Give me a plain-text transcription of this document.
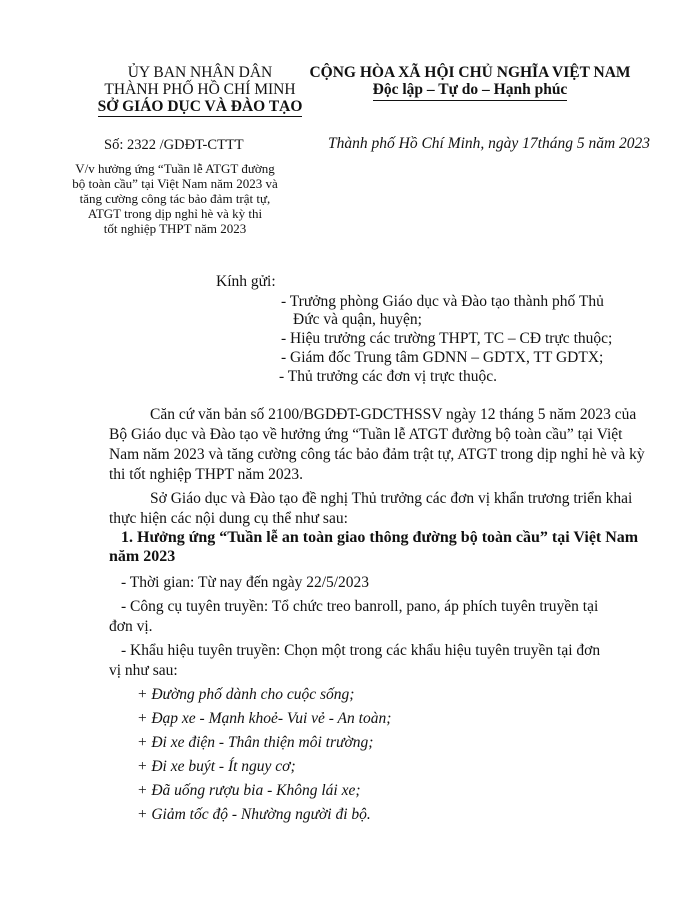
ỦY BAN NHÂN DÂN
THÀNH PHỐ HỒ CHÍ MINH
SỞ GIÁO DỤC VÀ ĐÀO TẠO
CỘNG HÒA XÃ HỘI CHỦ NGHĨA VIỆT NAM
Độc lập – Tự do – Hạnh phúc
Số: 2322 /GDĐT-CTTT	Thành phố Hồ Chí Minh, ngày 17tháng 5 năm 2023
V/v hưởng ứng “Tuần lễ ATGT đường
bộ toàn cầu” tại Việt Nam năm 2023 và
tăng cường công tác bảo đảm trật tự,
ATGT trong dịp nghỉ hè và kỳ thi
tốt nghiệp THPT năm 2023
Kính gửi:
- Trưởng phòng Giáo dục và Đào tạo thành phố Thủ
Đức và quận, huyện;
- Hiệu trưởng các trường THPT, TC – CĐ trực thuộc;
- Giám đốc Trung tâm GDNN – GDTX, TT GDTX;
- Thủ trưởng các đơn vị trực thuộc.
Căn cứ văn bản số 2100/BGDĐT-GDCTHSSV ngày 12 tháng 5 năm 2023 của
Bộ Giáo dục và Đào tạo về hưởng ứng “Tuần lễ ATGT đường bộ toàn cầu” tại Việt
Nam năm 2023 và tăng cường công tác bảo đảm trật tự, ATGT trong dịp nghỉ hè và kỳ
thi tốt nghiệp THPT năm 2023.
Sở Giáo dục và Đào tạo đề nghị Thủ trưởng các đơn vị khẩn trương triển khai
thực hiện các nội dung cụ thể như sau:
1. Hưởng ứng “Tuần lễ an toàn giao thông đường bộ toàn cầu” tại Việt Nam
năm 2023
- Thời gian: Từ nay đến ngày 22/5/2023
- Công cụ tuyên truyền: Tổ chức treo banroll, pano, áp phích tuyên truyền tại
đơn vị.
- Khẩu hiệu tuyên truyền: Chọn một trong các khẩu hiệu tuyên truyền tại đơn
vị như sau:
+ Đường phố dành cho cuộc sống;
+ Đạp xe - Mạnh khoẻ- Vui vẻ - An toàn;
+ Đi xe điện - Thân thiện môi trường;
+ Đi xe buýt - Ít nguy cơ;
+ Đã uống rượu bia - Không lái xe;
+ Giảm tốc độ - Nhường người đi bộ.
